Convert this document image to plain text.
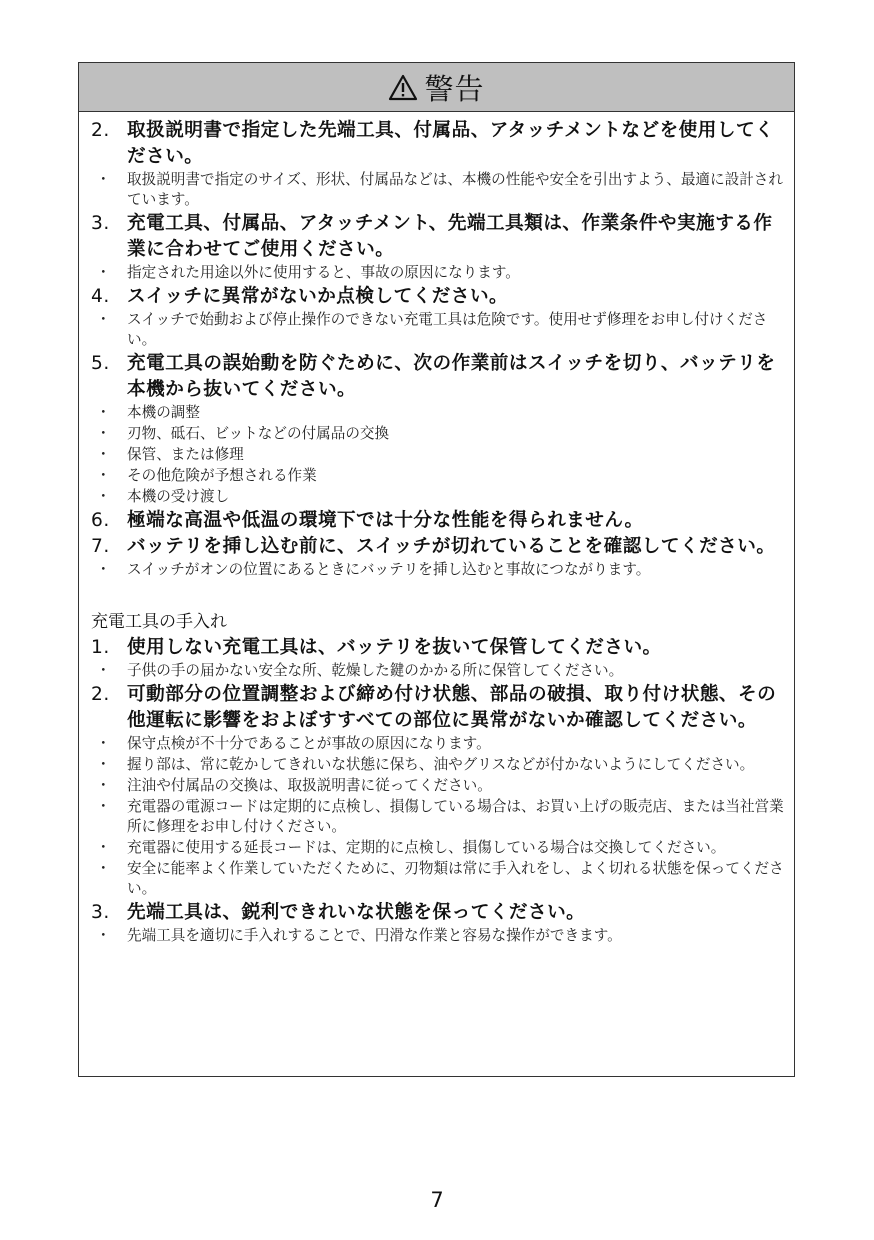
警告
2. 取扱説明書で指定した先端工具、付属品、アタッチメントなどを使用してください。
・ 取扱説明書で指定のサイズ、形状、付属品などは、本機の性能や安全を引出すよう、最適に設計されています。
3. 充電工具、付属品、アタッチメント、先端工具類は、作業条件や実施する作業に合わせてご使用ください。
・ 指定された用途以外に使用すると、事故の原因になります。
4. スイッチに異常がないか点検してください。
・ スイッチで始動および停止操作のできない充電工具は危険です。使用せず修理をお申し付けください。
5. 充電工具の誤始動を防ぐために、次の作業前はスイッチを切り、バッテリを本機から抜いてください。
・ 本機の調整
・ 刃物、砥石、ビットなどの付属品の交換
・ 保管、または修理
・ その他危険が予想される作業
・ 本機の受け渡し
6. 極端な高温や低温の環境下では十分な性能を得られません。
7. バッテリを挿し込む前に、スイッチが切れていることを確認してください。
・ スイッチがオンの位置にあるときにバッテリを挿し込むと事故につながります。
充電工具の手入れ
1. 使用しない充電工具は、バッテリを抜いて保管してください。
・ 子供の手の届かない安全な所、乾燥した鍵のかかる所に保管してください。
2. 可動部分の位置調整および締め付け状態、部品の破損、取り付け状態、その他運転に影響をおよぼすすべての部位に異常がないか確認してください。
・ 保守点検が不十分であることが事故の原因になります。
・ 握り部は、常に乾かしてきれいな状態に保ち、油やグリスなどが付かないようにしてください。
・ 注油や付属品の交換は、取扱説明書に従ってください。
・ 充電器の電源コードは定期的に点検し、損傷している場合は、お買い上げの販売店、または当社営業所に修理をお申し付けください。
・ 充電器に使用する延長コードは、定期的に点検し、損傷している場合は交換してください。
・ 安全に能率よく作業していただくために、刃物類は常に手入れをし、よく切れる状態を保ってください。
3. 先端工具は、鋭利できれいな状態を保ってください。
・ 先端工具を適切に手入れすることで、円滑な作業と容易な操作ができます。
7
